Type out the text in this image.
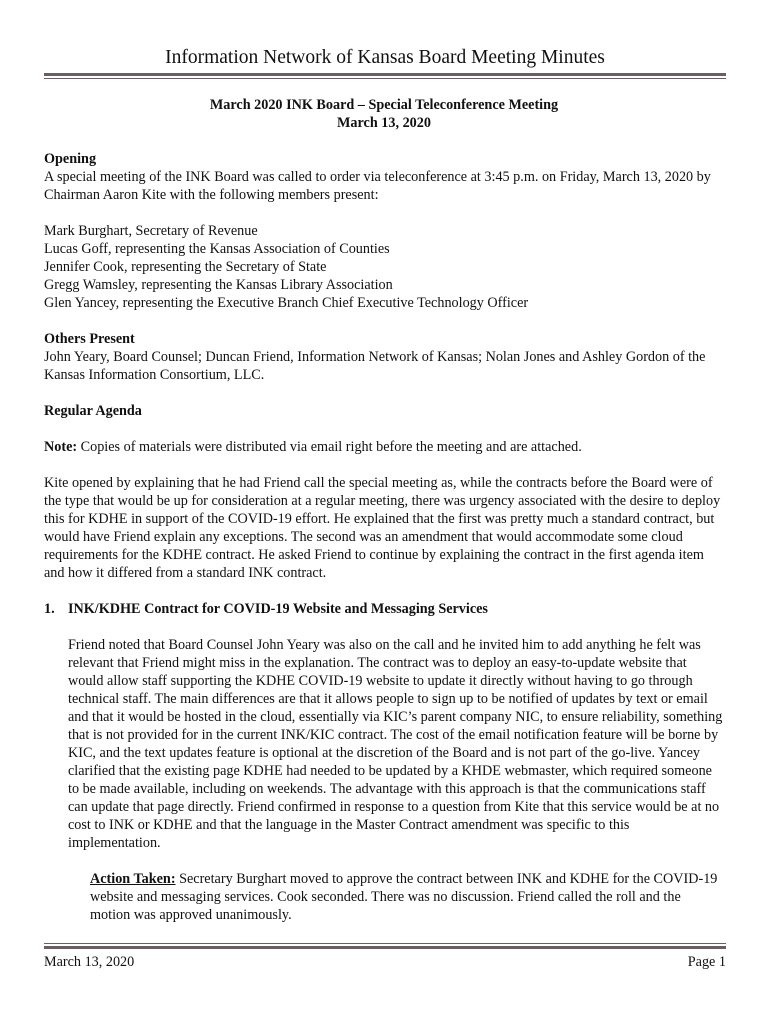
Information Network of Kansas Board Meeting Minutes

March 2020 INK Board – Special Teleconference Meeting

March 13, 2020

Opening

A special meeting of the INK Board was called to order via teleconference at 3:45 p.m. on Friday, March 13, 2020 by Chairman Aaron Kite with the following members present:

Mark Burghart, Secretary of Revenue

Lucas Goff, representing the Kansas Association of Counties

Jennifer Cook, representing the Secretary of State

Gregg Wamsley, representing the Kansas Library Association

Glen Yancey, representing the Executive Branch Chief Executive Technology Officer

Others Present

John Yeary, Board Counsel; Duncan Friend, Information Network of Kansas; Nolan Jones and Ashley Gordon of the Kansas Information Consortium, LLC.

Regular Agenda

Note: Copies of materials were distributed via email right before the meeting and are attached.

Kite opened by explaining that he had Friend call the special meeting as, while the contracts before the Board were of the type that would be up for consideration at a regular meeting, there was urgency associated with the desire to deploy this for KDHE in support of the COVID-19 effort. He explained that the first was pretty much a standard contract, but would have Friend explain any exceptions. The second was an amendment that would accommodate some cloud requirements for the KDHE contract. He asked Friend to continue by explaining the contract in the first agenda item and how it differed from a standard INK contract.

1. INK/KDHE Contract for COVID-19 Website and Messaging Services

Friend noted that Board Counsel John Yeary was also on the call and he invited him to add anything he felt was relevant that Friend might miss in the explanation. The contract was to deploy an easy-to-update website that would allow staff supporting the KDHE COVID-19 website to update it directly without having to go through technical staff. The main differences are that it allows people to sign up to be notified of updates by text or email and that it would be hosted in the cloud, essentially via KIC’s parent company NIC, to ensure reliability, something that is not provided for in the current INK/KIC contract. The cost of the email notification feature will be borne by KIC, and the text updates feature is optional at the discretion of the Board and is not part of the go-live. Yancey clarified that the existing page KDHE had needed to be updated by a KHDE webmaster, which required someone to be made available, including on weekends. The advantage with this approach is that the communications staff can update that page directly. Friend confirmed in response to a question from Kite that this service would be at no cost to INK or KDHE and that the language in the Master Contract amendment was specific to this implementation.

Action Taken: Secretary Burghart moved to approve the contract between INK and KDHE for the COVID-19 website and messaging services. Cook seconded. There was no discussion. Friend called the roll and the motion was approved unanimously.

March 13, 2020	Page 1
